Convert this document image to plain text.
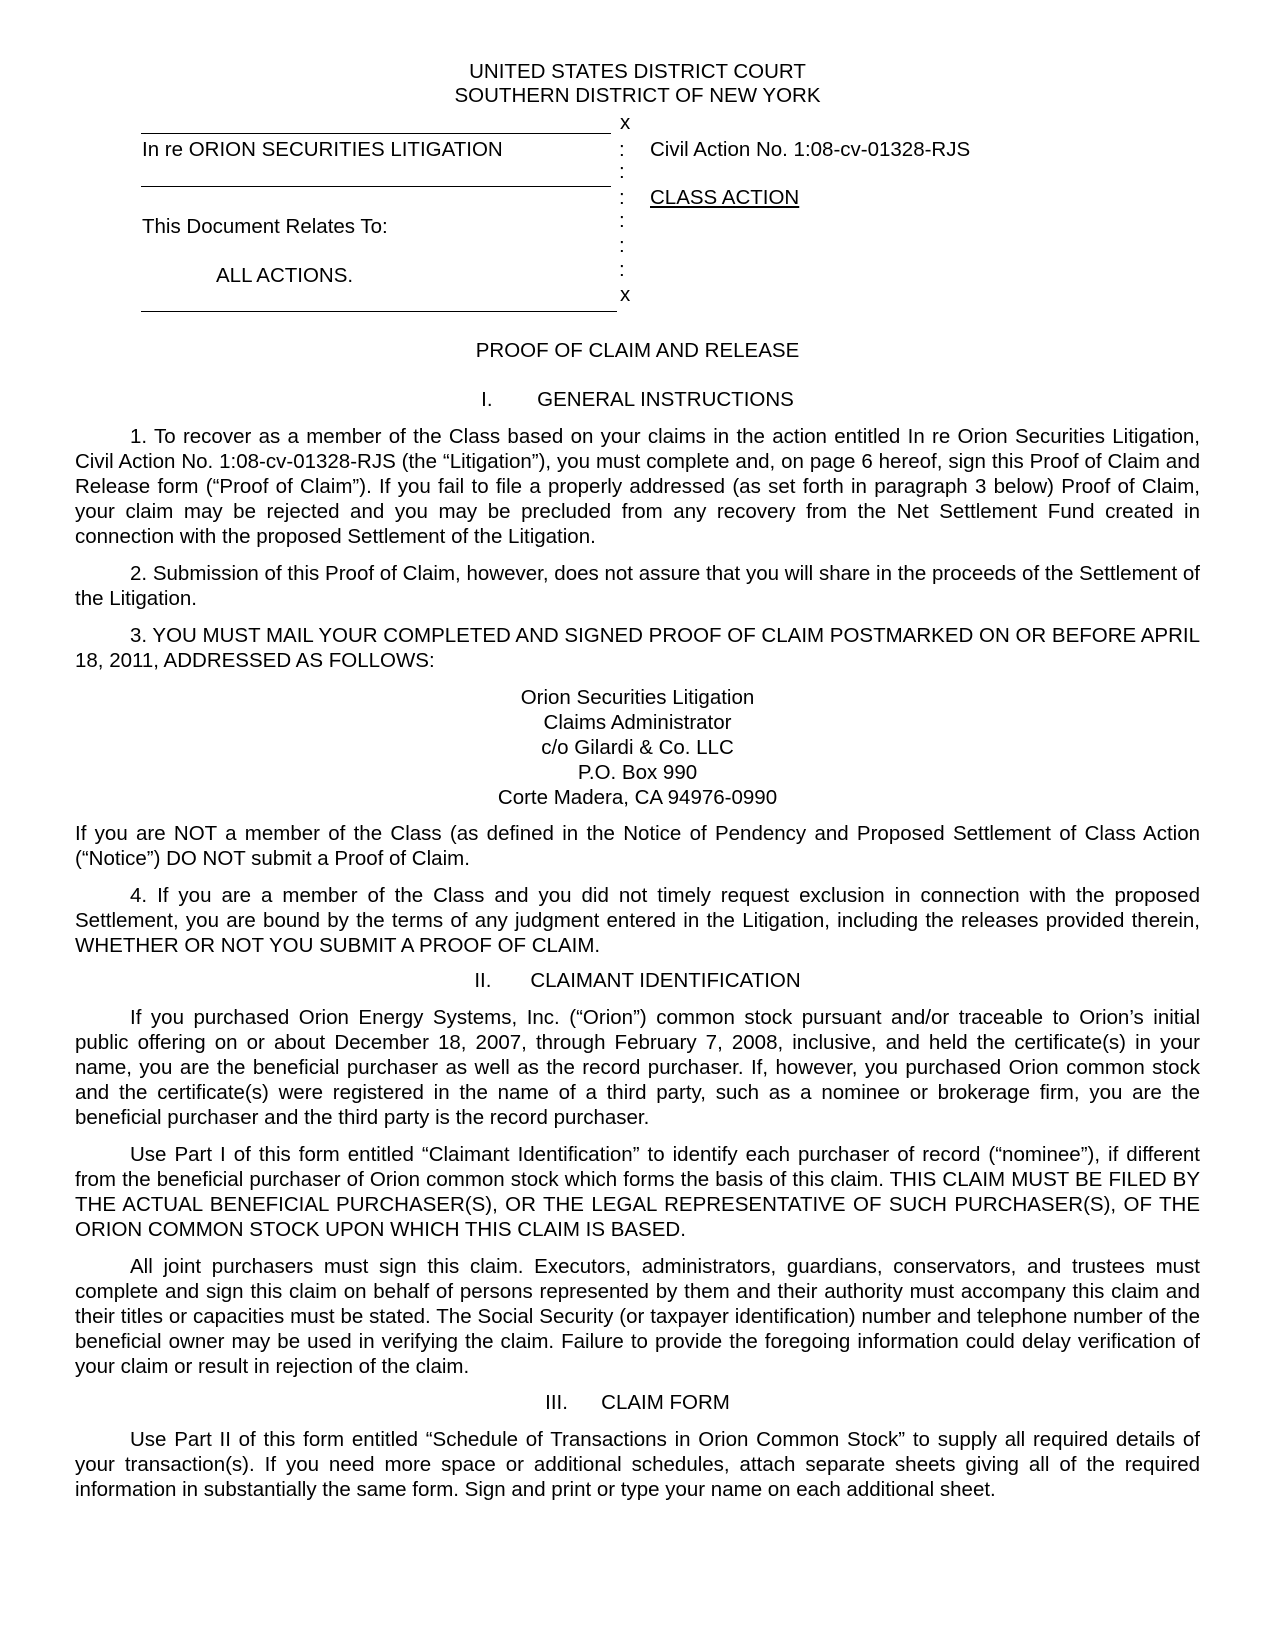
UNITED STATES DISTRICT COURT
SOUTHERN DISTRICT OF NEW YORK
x
In re ORION SECURITIES LITIGATION	: Civil Action No. 1:08-cv-01328-RJS
:
: CLASS ACTION
This Document Relates To:	:
:
ALL ACTIONS.	:
x
PROOF OF CLAIM AND RELEASE
I. GENERAL INSTRUCTIONS

1. To recover as a member of the Class based on your claims in the action entitled In re Orion Securities Litigation, Civil Action No. 1:08-cv-01328-RJS (the “Litigation”), you must complete and, on page 6 hereof, sign this Proof of Claim and Release form (“Proof of Claim”). If you fail to file a properly addressed (as set forth in paragraph 3 below) Proof of Claim, your claim may be rejected and you may be precluded from any recovery from the Net Settlement Fund created in connection with the proposed Settlement of the Litigation.

2. Submission of this Proof of Claim, however, does not assure that you will share in the proceeds of the Settlement of the Litigation.

3. YOU MUST MAIL YOUR COMPLETED AND SIGNED PROOF OF CLAIM POSTMARKED ON OR BEFORE APRIL 18, 2011, ADDRESSED AS FOLLOWS:

Orion Securities Litigation
Claims Administrator
c/o Gilardi & Co. LLC
P.O. Box 990
Corte Madera, CA 94976-0990

If you are NOT a member of the Class (as defined in the Notice of Pendency and Proposed Settlement of Class Action (“Notice”) DO NOT submit a Proof of Claim.

4. If you are a member of the Class and you did not timely request exclusion in connection with the proposed Settlement, you are bound by the terms of any judgment entered in the Litigation, including the releases provided therein, WHETHER OR NOT YOU SUBMIT A PROOF OF CLAIM.

II. CLAIMANT IDENTIFICATION

If you purchased Orion Energy Systems, Inc. (“Orion”) common stock pursuant and/or traceable to Orion’s initial public offering on or about December 18, 2007, through February 7, 2008, inclusive, and held the certificate(s) in your name, you are the beneficial purchaser as well as the record purchaser. If, however, you purchased Orion common stock and the certificate(s) were registered in the name of a third party, such as a nominee or brokerage firm, you are the beneficial purchaser and the third party is the record purchaser.

Use Part I of this form entitled “Claimant Identification” to identify each purchaser of record (“nominee”), if different from the beneficial purchaser of Orion common stock which forms the basis of this claim. THIS CLAIM MUST BE FILED BY THE ACTUAL BENEFICIAL PURCHASER(S), OR THE LEGAL REPRESENTATIVE OF SUCH PURCHASER(S), OF THE ORION COMMON STOCK UPON WHICH THIS CLAIM IS BASED.

All joint purchasers must sign this claim. Executors, administrators, guardians, conservators, and trustees must complete and sign this claim on behalf of persons represented by them and their authority must accompany this claim and their titles or capacities must be stated. The Social Security (or taxpayer identification) number and telephone number of the beneficial owner may be used in verifying the claim. Failure to provide the foregoing information could delay verification of your claim or result in rejection of the claim.

III. CLAIM FORM

Use Part II of this form entitled “Schedule of Transactions in Orion Common Stock” to supply all required details of your transaction(s). If you need more space or additional schedules, attach separate sheets giving all of the required information in substantially the same form. Sign and print or type your name on each additional sheet.
